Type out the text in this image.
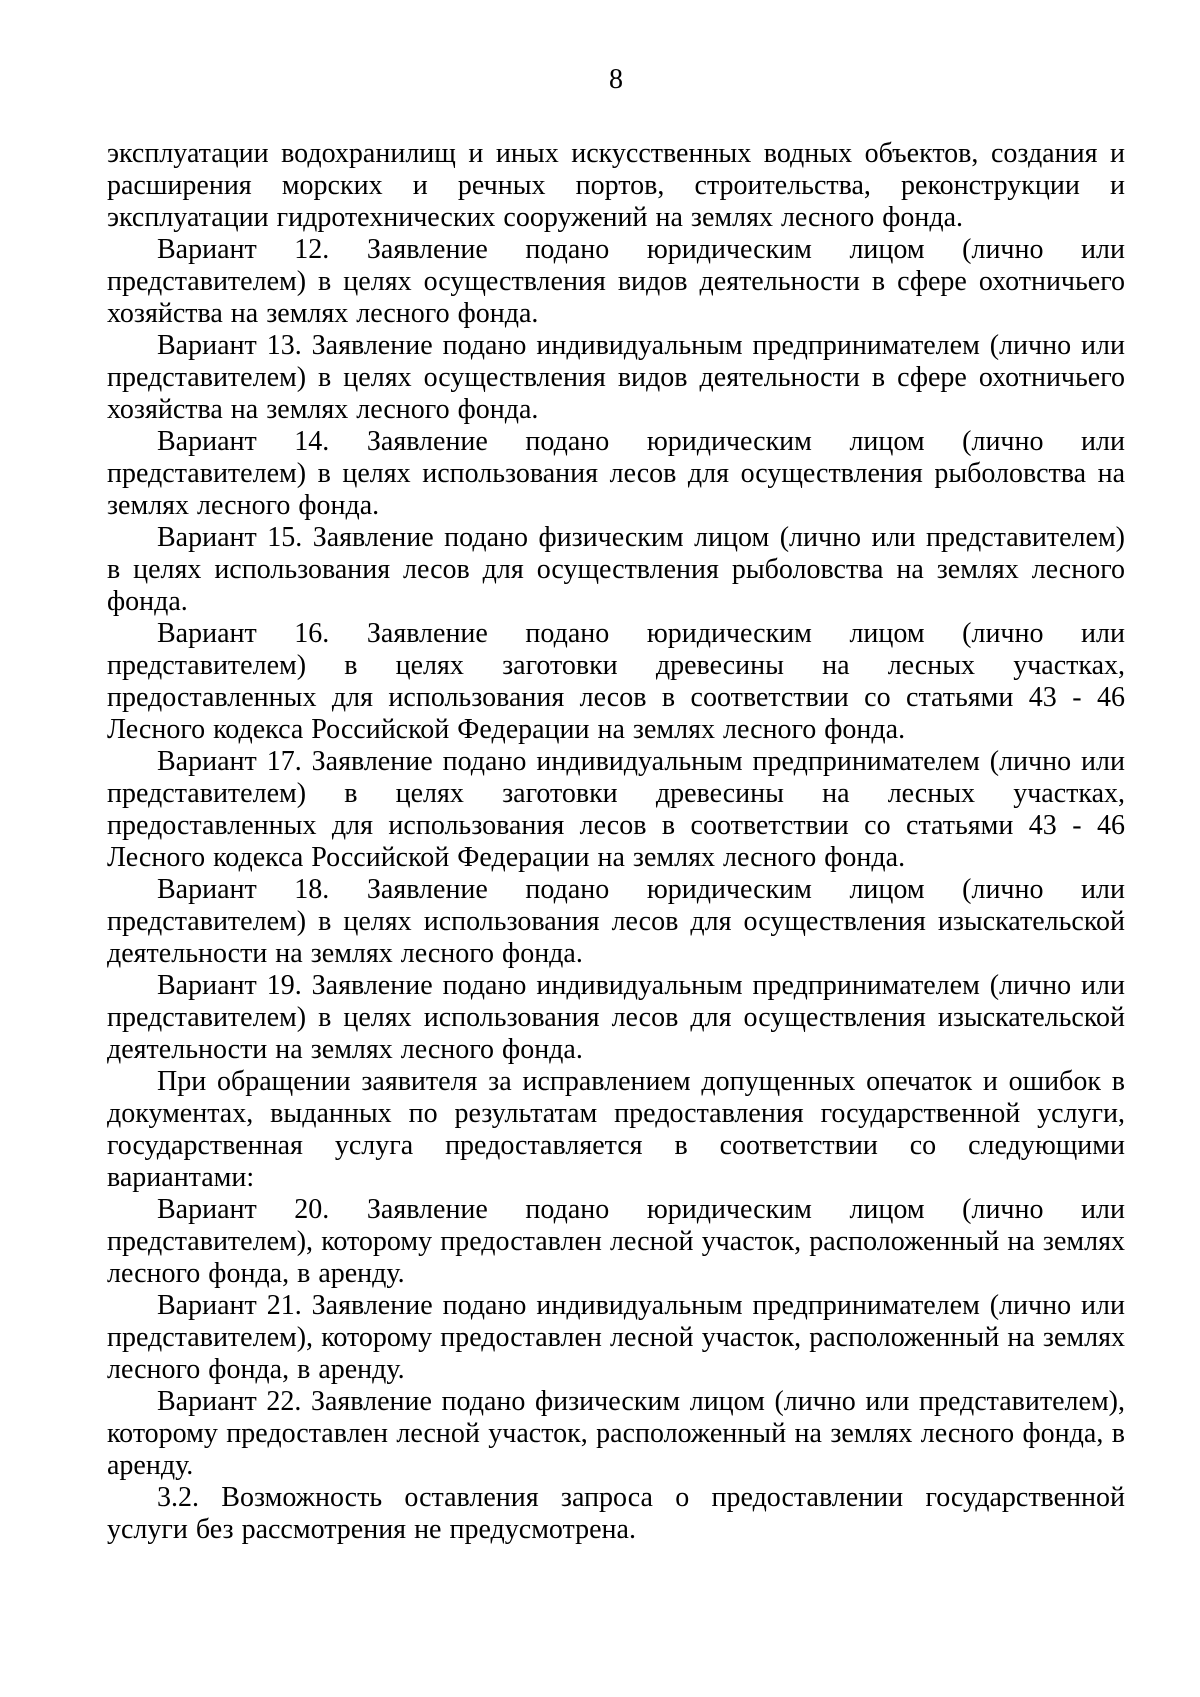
8

эксплуатации водохранилищ и иных искусственных водных объектов, создания и расширения морских и речных портов, строительства, реконструкции и эксплуатации гидротехнических сооружений на землях лесного фонда.

Вариант 12. Заявление подано юридическим лицом (лично или представителем) в целях осуществления видов деятельности в сфере охотничьего хозяйства на землях лесного фонда.

Вариант 13. Заявление подано индивидуальным предпринимателем (лично или представителем) в целях осуществления видов деятельности в сфере охотничьего хозяйства на землях лесного фонда.

Вариант 14. Заявление подано юридическим лицом (лично или представителем) в целях использования лесов для осуществления рыболовства на землях лесного фонда.

Вариант 15. Заявление подано физическим лицом (лично или представителем) в целях использования лесов для осуществления рыболовства на землях лесного фонда.

Вариант 16. Заявление подано юридическим лицом (лично или представителем) в целях заготовки древесины на лесных участках, предоставленных для использования лесов в соответствии со статьями 43 - 46 Лесного кодекса Российской Федерации на землях лесного фонда.

Вариант 17. Заявление подано индивидуальным предпринимателем (лично или представителем) в целях заготовки древесины на лесных участках, предоставленных для использования лесов в соответствии со статьями 43 - 46 Лесного кодекса Российской Федерации на землях лесного фонда.

Вариант 18. Заявление подано юридическим лицом (лично или представителем) в целях использования лесов для осуществления изыскательской деятельности на землях лесного фонда.

Вариант 19. Заявление подано индивидуальным предпринимателем (лично или представителем) в целях использования лесов для осуществления изыскательской деятельности на землях лесного фонда.

При обращении заявителя за исправлением допущенных опечаток и ошибок в документах, выданных по результатам предоставления государственной услуги, государственная услуга предоставляется в соответствии со следующими вариантами:

Вариант 20. Заявление подано юридическим лицом (лично или представителем), которому предоставлен лесной участок, расположенный на землях лесного фонда, в аренду.

Вариант 21. Заявление подано индивидуальным предпринимателем (лично или представителем), которому предоставлен лесной участок, расположенный на землях лесного фонда, в аренду.

Вариант 22. Заявление подано физическим лицом (лично или представителем), которому предоставлен лесной участок, расположенный на землях лесного фонда, в аренду.

3.2. Возможность оставления запроса о предоставлении государственной услуги без рассмотрения не предусмотрена.
